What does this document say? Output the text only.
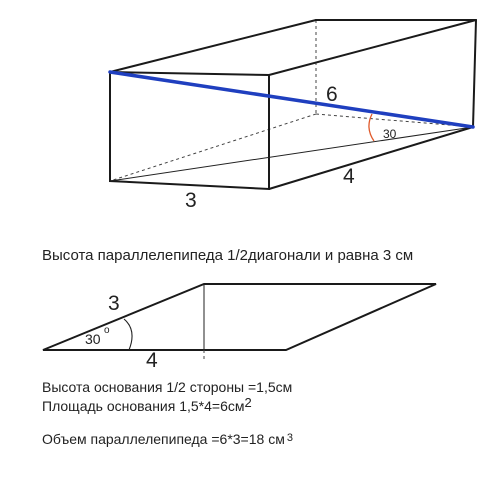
6
30
4
3
Высота параллелепипеда 1/2диагонали и равна 3 см
3
30
o
4
Высота основания 1/2 стороны =1,5см
Площадь основания 1,5*4=6см2
Объем параллелепипеда =6*3=18 см $^3$
